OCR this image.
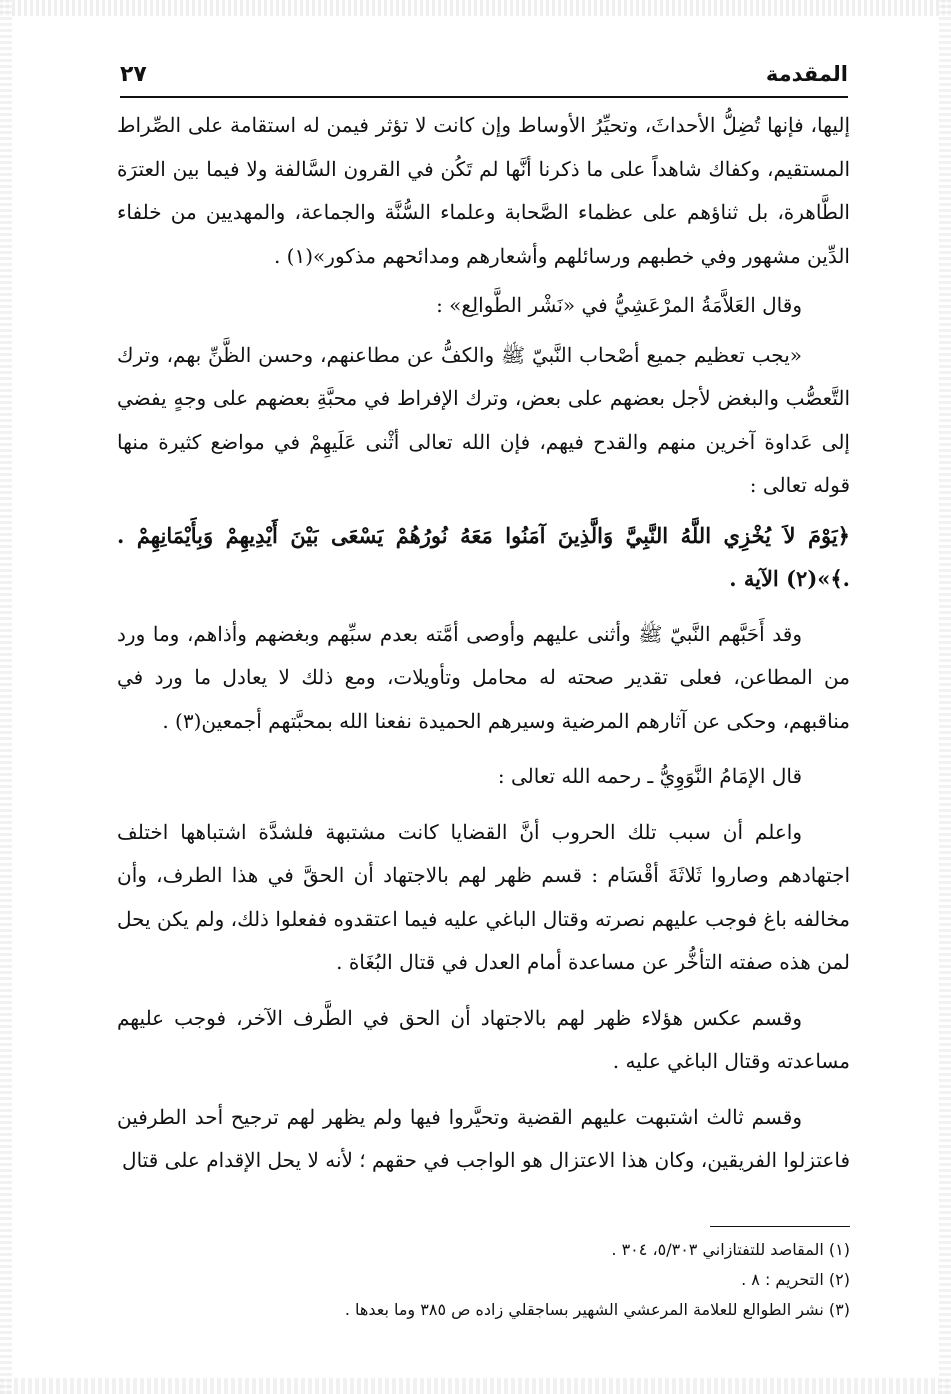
المقدمة
٢٧

إليها، فإنها تُضِلُّ الأحداثَ، وتحيِّرُ الأوساط وإن كانت لا تؤثر فيمن له استقامة على الصِّراط المستقيم، وكفاك شاهداً على ما ذكرنا أنَّها لم تَكُن في القرون السَّالفة ولا فيما بين العترَة الطَّاهرة، بل ثناؤهم على عظماء الصَّحابة وعلماء السُّنَّة والجماعة، والمهديين من خلفاء الدِّين مشهور وفي خطبهم ورسائلهم وأشعارهم ومدائحهم مذكور»(١) .

وقال العَلاَّمَةُ المرْعَشِيُّ في «نَشْر الطَّوالِع» :

«يجب تعظيم جميع أصْحاب النَّبيّ ﷺ والكفُّ عن مطاعنهم، وحسن الظَّنِّ بهم، وترك التَّعصُّب والبغض لأجل بعضهم على بعض، وترك الإفراط في محبَّةِ بعضهم على وجهٍ يفضي إلى عَداوة آخرين منهم والقدح فيهم، فإن الله تعالى أثْنى عَلَيهِمْ في مواضع كثيرة منها قوله تعالى :

﴿يَوْمَ لاَ يُخْزِي اللَّهُ النَّبِيَّ وَالَّذِينَ آمَنُوا مَعَهُ نُورُهُمْ يَسْعَى بَيْنَ أَيْدِيهِمْ وَبِأَيْمَانِهِمْ . .﴾»(٢) الآية .

وقد أَحَبَّهم النَّبيّ ﷺ وأثنى عليهم وأوصى أمَّته بعدم سبِّهم وبغضهم وأذاهم، وما ورد من المطاعن، فعلى تقدير صحته له محامل وتأويلات، ومع ذلك لا يعادل ما ورد في مناقبهم، وحكى عن آثارهم المرضية وسيرهم الحميدة نفعنا الله بمحبَّتهم أجمعين(٣) .

قال الإمَامُ النَّوَوِيُّ ـ رحمه الله تعالى :

واعلم أن سبب تلك الحروب أنَّ القضايا كانت مشتبهة فلشدَّة اشتباهها اختلف اجتهادهم وصاروا ثَلاثَةَ أقْسَام : قسم ظهر لهم بالاجتهاد أن الحقَّ في هذا الطرف، وأن مخالفه باغ فوجب عليهم نصرته وقتال الباغي عليه فيما اعتقدوه ففعلوا ذلك، ولم يكن يحل لمن هذه صفته التأخُّر عن مساعدة أمام العدل في قتال البُغَاة .

وقسم عكس هؤلاء ظهر لهم بالاجتهاد أن الحق في الطَّرف الآخر، فوجب عليهم مساعدته وقتال الباغي عليه .

وقسم ثالث اشتبهت عليهم القضية وتحيَّروا فيها ولم يظهر لهم ترجيح أحد الطرفين فاعتزلوا الفريقين، وكان هذا الاعتزال هو الواجب في حقهم ؛ لأنه لا يحل الإقدام على قتال

(١) المقاصد للتفتازاني ٥/٣٠٣، ٣٠٤ .

(٢) التحريم : ٨ .

(٣) نشر الطوالع للعلامة المرعشي الشهير بساجقلي زاده ص ٣٨٥ وما بعدها .
